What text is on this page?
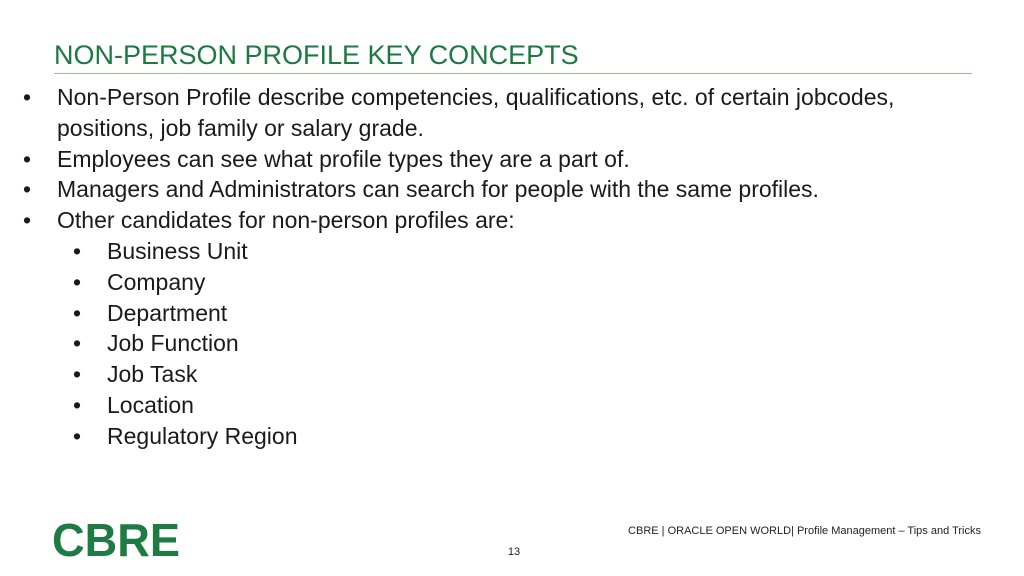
NON-PERSON PROFILE KEY CONCEPTS
• Non-Person Profile describe competencies, qualifications, etc. of certain jobcodes, positions, job family or salary grade.
• Employees can see what profile types they are a part of.
• Managers and Administrators can search for people with the same profiles.
• Other candidates for non-person profiles are:
• Business Unit
• Company
• Department
• Job Function
• Job Task
• Location
• Regulatory Region
CBRE	CBRE | ORACLE OPEN WORLD| Profile Management – Tips and Tricks
13
